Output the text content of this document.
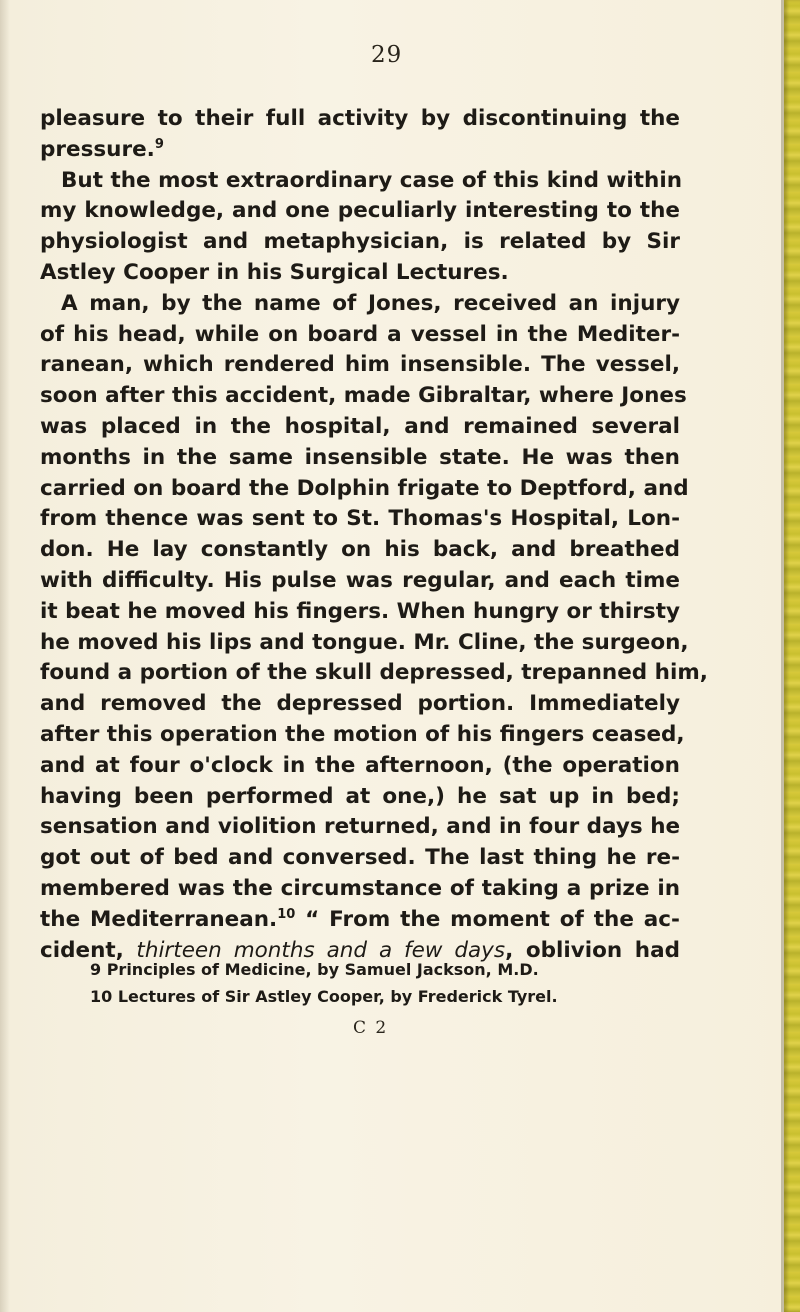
29
pleasure to their full activity by discontinuing the
pressure.$^9$
But the most extraordinary case of this kind within
my knowledge, and one peculiarly interesting to the
physiologist and metaphysician, is related by Sir
Astley Cooper in his Surgical Lectures.
A man, by the name of Jones, received an injury
of his head, while on board a vessel in the Mediter-
ranean, which rendered him insensible. The vessel,
soon after this accident, made Gibraltar, where Jones
was placed in the hospital, and remained several
months in the same insensible state. He was then
carried on board the Dolphin frigate to Deptford, and
from thence was sent to St. Thomas's Hospital, Lon-
don. He lay constantly on his back, and breathed
with difficulty. His pulse was regular, and each time
it beat he moved his fingers. When hungry or thirsty
he moved his lips and tongue. Mr. Cline, the surgeon,
found a portion of the skull depressed, trepanned him,
and removed the depressed portion. Immediately
after this operation the motion of his fingers ceased,
and at four o'clock in the afternoon, (the operation
having been performed at one,) he sat up in bed;
sensation and violition returned, and in four days he
got out of bed and conversed. The last thing he re-
membered was the circumstance of taking a prize in
the Mediterranean.$^{10}$ “ From the moment of the ac-
cident, thirteen months and a few days, oblivion had
9 Principles of Medicine, by Samuel Jackson, M.D.
10 Lectures of Sir Astley Cooper, by Frederick Tyrel.
C 2
